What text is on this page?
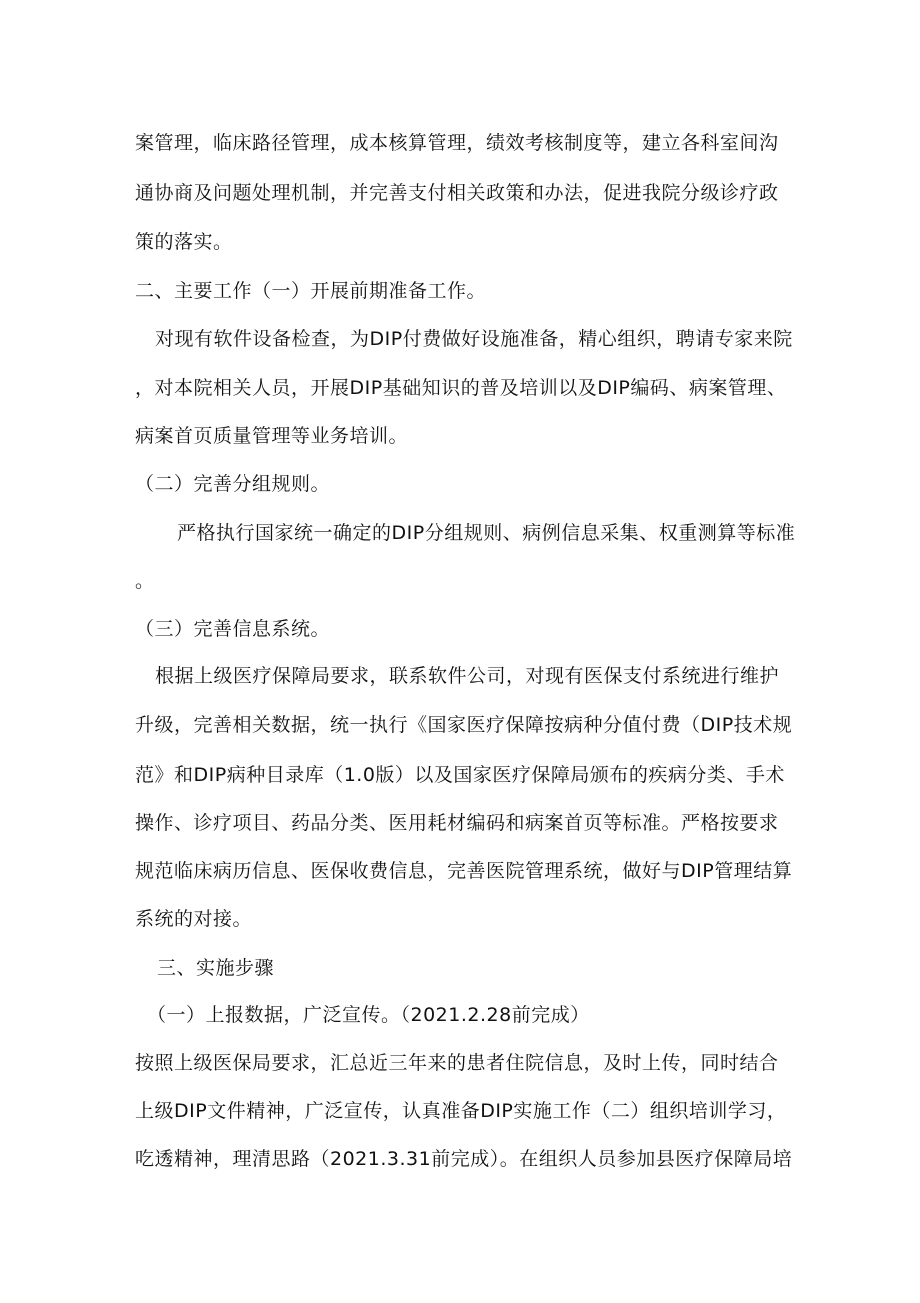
案管理，临床路径管理，成本核算管理，绩效考核制度等，建立各科室间沟
通协商及问题处理机制，并完善支付相关政策和办法，促进我院分级诊疗政
策的落实。
二、主要工作（一）开展前期准备工作。
对现有软件设备检查，为DIP付费做好设施准备，精心组织，聘请专家来院
，对本院相关人员，开展DIP基础知识的普及培训以及DIP编码、病案管理、
病案首页质量管理等业务培训。
（二）完善分组规则。
严格执行国家统一确定的DIP分组规则、病例信息采集、权重测算等标准
。
（三）完善信息系统。
根据上级医疗保障局要求，联系软件公司，对现有医保支付系统进行维护
升级，完善相关数据，统一执行《国家医疗保障按病种分值付费（DIP技术规
范》和DIP病种目录库（1.0版）以及国家医疗保障局颁布的疾病分类、手术
操作、诊疗项目、药品分类、医用耗材编码和病案首页等标准。严格按要求
规范临床病历信息、医保收费信息，完善医院管理系统，做好与DIP管理结算
系统的对接。
三、实施步骤
（一）上报数据，广泛宣传。（2021.2.28前完成）
按照上级医保局要求，汇总近三年来的患者住院信息，及时上传，同时结合
上级DIP文件精神，广泛宣传，认真准备DIP实施工作（二）组织培训学习，
吃透精神，理清思路（2021.3.31前完成）。在组织人员参加县医疗保障局培
